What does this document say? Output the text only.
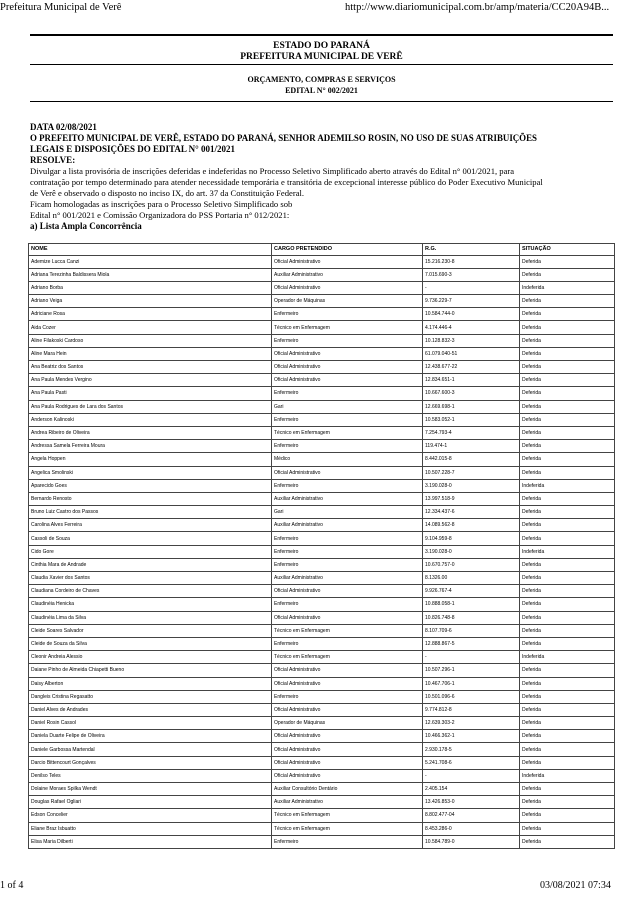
Prefeitura Municipal de Verê	http://www.diariomunicipal.com.br/amp/materia/CC20A94B...
ESTADO DO PARANÁ
PREFEITURA MUNICIPAL DE VERÊ
ORÇAMENTO, COMPRAS E SERVIÇOS
EDITAL N° 002/2021
DATA 02/08/2021
O PREFEITO MUNICIPAL DE VERÊ, ESTADO DO PARANÁ, SENHOR ADEMILSO ROSIN, NO USO DE SUAS ATRIBUIÇÕES
LEGAIS E DISPOSIÇÕES DO EDITAL N° 001/2021
RESOLVE:
Divulgar a lista provisória de inscrições deferidas e indeferidas no Processo Seletivo Simplificado aberto através do Edital n° 001/2021, para
contratação por tempo determinado para atender necessidade temporária e transitória de excepcional interesse público do Poder Executivo Municipal
de Verê e observado o disposto no inciso IX, do art. 37 da Constituição Federal.
Ficam homologadas as inscrições para o Processo Seletivo Simplificado sob
Edital n° 001/2021 e Comissão Organizadora do PSS Portaria n° 012/2021:
a) Lista Ampla Concorrência
NOME	CARGO PRETENDIDO	R.G.	SITUAÇÃO
Ademize Lucca Canzi	Oficial Administrativo	15.216.230-8	Deferida
Adriana Terezinha Baldissera Miola	Auxiliar Administrativo	7.015.690-3	Deferida
Adriano Borba	Oficial Administrativo	-	Indeferida
Adriano Veiga	Operador de Máquinas	9.736.229-7	Deferida
Adriciane Rosa	Enfermeiro	10.584.744-0	Deferida
Aida Cozer	Técnico em Enfermagem	4.174.446-4	Deferida
Aline Filakoski Cardoso	Enfermeiro	10.128.832-3	Deferida
Aline Mara Hein	Oficial Administrativo	61.079.040-51	Deferida
Ana Beatriz dos Santos	Oficial Administrativo	12.438.677-22	Deferida
Ana Paula Mendes Vergino	Oficial Administrativo	12.834.651-1	Deferida
Ana Paula Pasti	Enfermeiro	10.667.600-3	Deferida
Ana Paula Rodrigues de Lara dos Santos	Gari	12.669.698-1	Deferida
Anderson Kalinoski	Enfermeiro	10.583.052-1	Deferida
Andrea Ribeiro de Oliveira	Técnico em Enfermagem	7.254.793-4	Deferida
Andressa Samela Ferreira Moura	Enfermeiro	119.474-1	Deferida
Angela Hoppen	Médico	8.442.015-8	Deferida
Angelica Smolinski	Oficial Administrativo	10.507.228-7	Deferida
Aparecido Goes	Enfermeiro	3.190.028-0	Indeferida
Bernardo Renosto	Auxiliar Administrativo	13.997.518-9	Deferida
Bruno Luiz Castro dos Passos	Gari	12.334.437-6	Deferida
Carolina Alves Ferreira	Auxiliar Administrativo	14.089.562-8	Deferida
Cassoli de Souza	Enfermeiro	9.104.959-8	Deferida
Cido Gore	Enfermeiro	3.190.028-0	Indeferida
Cinthia Mara de Andrade	Enfermeiro	10.670.757-0	Deferida
Claudia Xavier dos Santos	Auxiliar Administrativo	8.1326.00	Deferida
Claudiana Cordeiro de Chaves	Oficial Administrativo	9.926.767-4	Deferida
Claudinéia Henicka	Enfermeiro	10.888.058-1	Deferida
Claudinéia Lima da Silva	Oficial Administrativo	10.826.748-8	Deferida
Cleide Soares Salvador	Técnico em Enfermagem	8.107.709-6	Deferida
Cleide de Souza da Silva	Enfermeiro	12.888.867-5	Deferida
Cleonir Andreia Alessio	Técnico em Enfermagem	-	Indeferida
Daiane Pinho de Almeida Chiapetti Bueno	Oficial Administrativo	10.507.296-1	Deferida
Daisy Alberton	Oficial Administrativo	10.467.706-1	Deferida
Dangleis Cristina Regasatto	Enfermeiro	10.501.096-6	Deferida
Daniel Alves de Andrades	Oficial Administrativo	9.774.812-8	Deferida
Daniel Rosin Cassol	Operador de Máquinas	12.639.303-2	Deferida
Daniela Duarte Felipe de Oliveira	Oficial Administrativo	10.466.362-1	Deferida
Daniele Garbossa Martendal	Oficial Administrativo	2.930.178-5	Deferida
Darcio Bittencourt Gonçalves	Oficial Administrativo	5.241.708-6	Deferida
Denilso Teles	Oficial Administrativo	-	Indeferida
Dolaine Moraes Spilka Wendt	Auxiliar Consultório Dentário	2.405.154	Deferida
Douglas Rafael Ogliari	Auxiliar Administrativo	13.426.853-0	Deferida
Edson Concelier	Técnico em Enfermagem	8.802.477-04	Deferida
Eliane Braz Isbuatto	Técnico em Enfermagem	8.453.286-0	Deferida
Elisa Maria Dilberti	Enfermeiro	10.584.789-0	Deferida
1 of 4	03/08/2021 07:34
